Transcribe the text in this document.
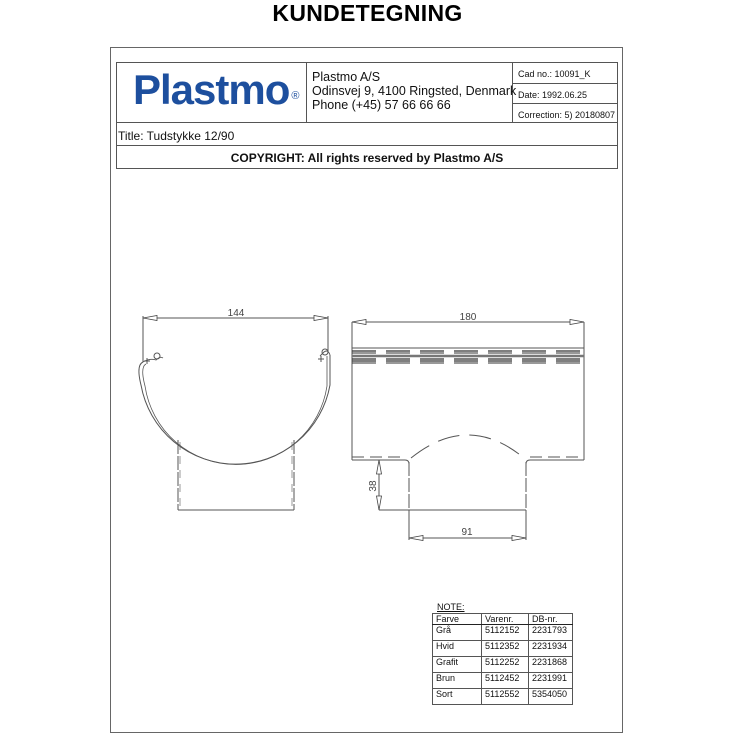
KUNDETEGNING
Plastmo ®
Plastmo A/S
Odinsvej 9, 4100 Ringsted, Denmark
Phone (+45) 57 66 66 66
Cad no.: 10091_K
Date: 1992.06.25
Correction: 5) 20180807
Title: Tudstykke 12/90
COPYRIGHT: All rights reserved by Plastmo A/S
144	180
38
91
NOTE:
Farve	Varenr.	DB-nr.
Grå	5112152	2231793
Hvid	5112352	2231934
Grafit	5112252	2231868
Brun	5112452	2231991
Sort	5112552	5354050
